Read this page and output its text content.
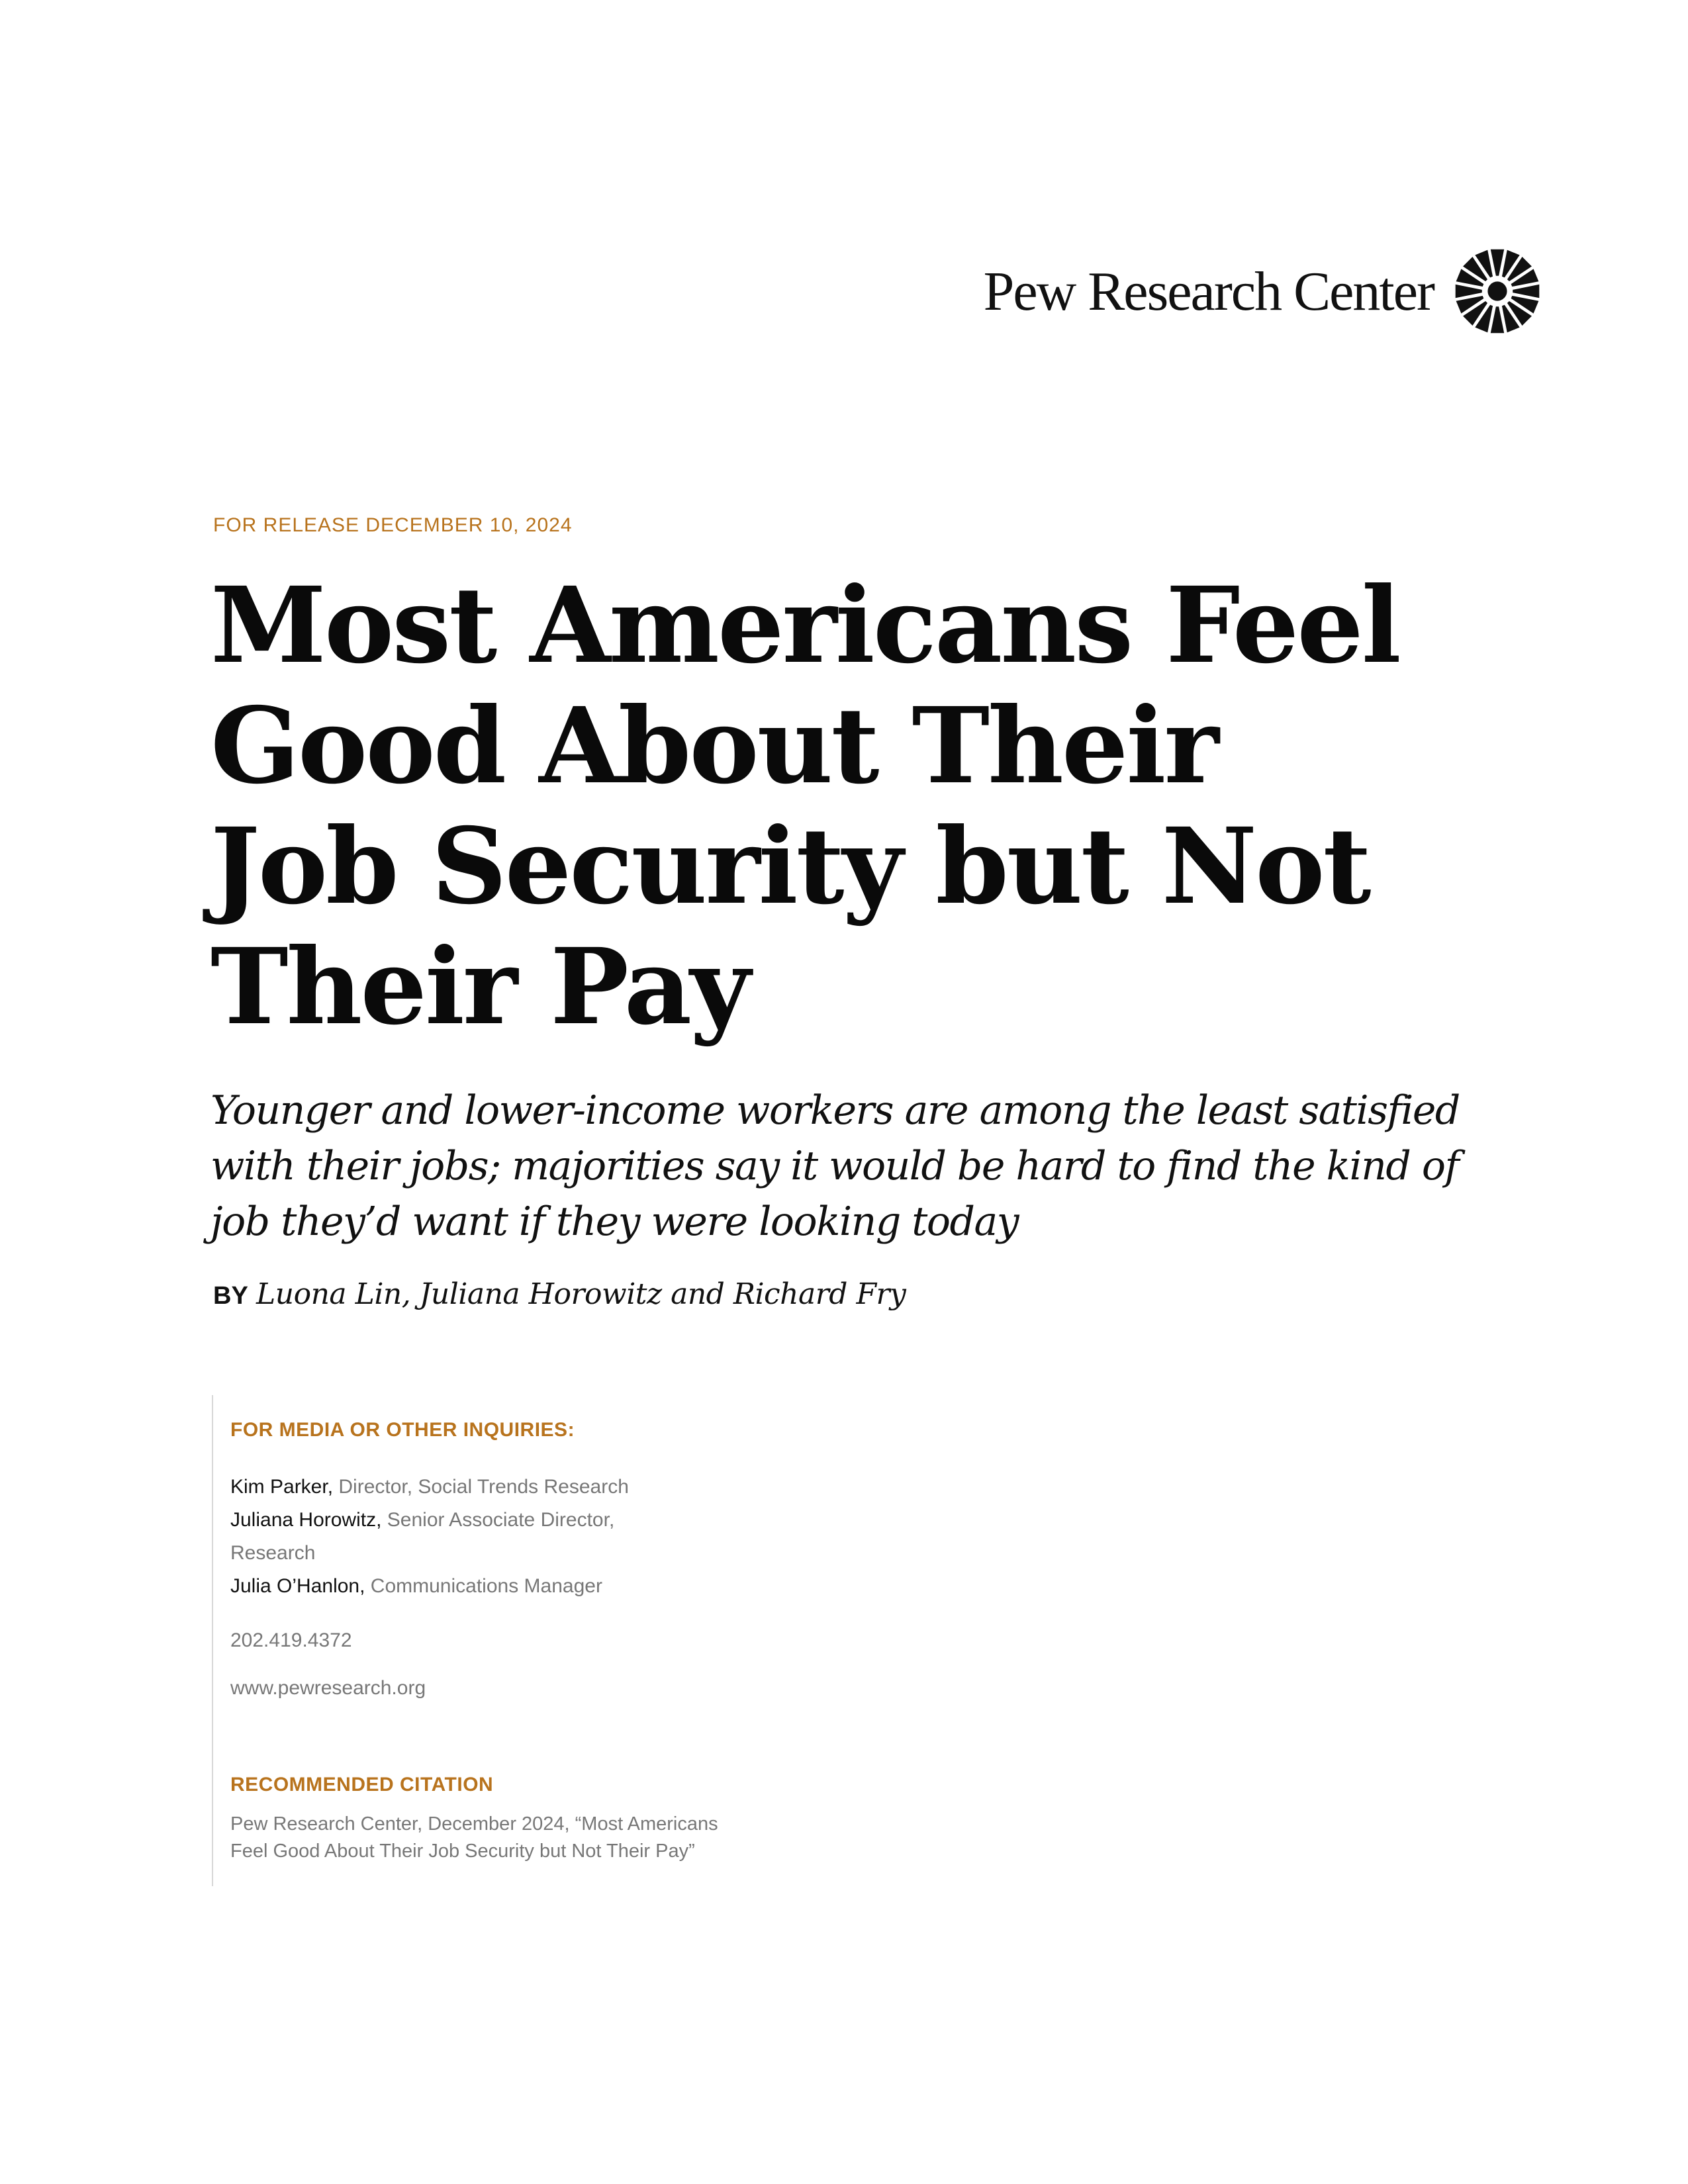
Pew Research Center
FOR RELEASE DECEMBER 10, 2024
Most Americans Feel Good About Their Job Security but Not Their Pay

Younger and lower-income workers are among the least satisfied with their jobs; majorities say it would be hard to find the kind of job they’d want if they were looking today

BY Luona Lin, Juliana Horowitz and Richard Fry
FOR MEDIA OR OTHER INQUIRIES:
Kim Parker, Director, Social Trends Research
Juliana Horowitz, Senior Associate Director, Research
Julia O’Hanlon, Communications Manager
202.419.4372
www.pewresearch.org
RECOMMENDED CITATION
Pew Research Center, December 2024, “Most Americans Feel Good About Their Job Security but Not Their Pay”
